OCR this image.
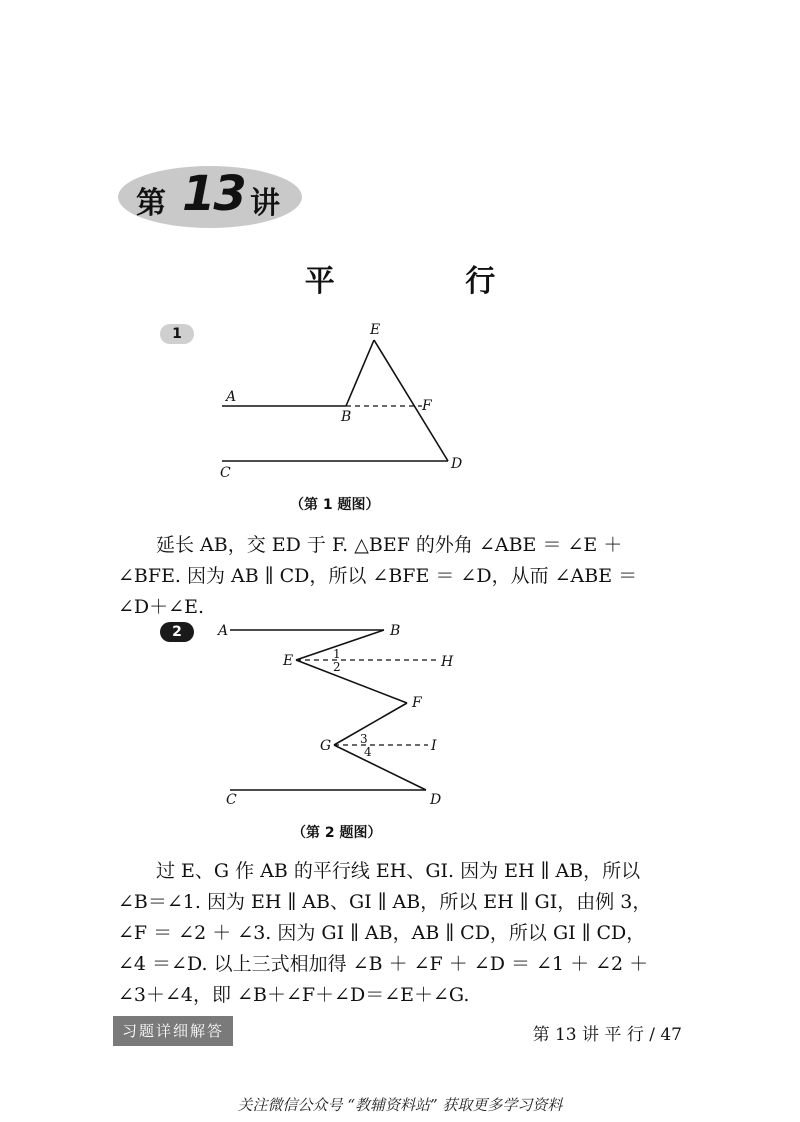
第 13 讲
平 行
1
A
B
E
F
C
D
（第 1 题图）
延长 AB，交 ED 于 F. △BEF 的外角 ∠ABE ＝ ∠E ＋
∠BFE. 因为 AB ∥ CD，所以 ∠BFE ＝ ∠D，从而 ∠ABE ＝
∠D＋∠E.
2	A	B
E	H
F
G	I
C	D
1
2
3
4
（第 2 题图）
过 E、G 作 AB 的平行线 EH、GI. 因为 EH ∥ AB，所以
∠B＝∠1. 因为 EH ∥ AB、GI ∥ AB，所以 EH ∥ GI，由例 3，
∠F ＝ ∠2 ＋ ∠3. 因为 GI ∥ AB，AB ∥ CD，所以 GI ∥ CD，
∠4 ＝∠D. 以上三式相加得 ∠B ＋ ∠F ＋ ∠D ＝ ∠1 ＋ ∠2 ＋
∠3＋∠4，即 ∠B＋∠F＋∠D＝∠E＋∠G.
习题详细解答	第 13 讲 平 行 / 47
关注微信公众号 “教辅资料站” 获取更多学习资料
